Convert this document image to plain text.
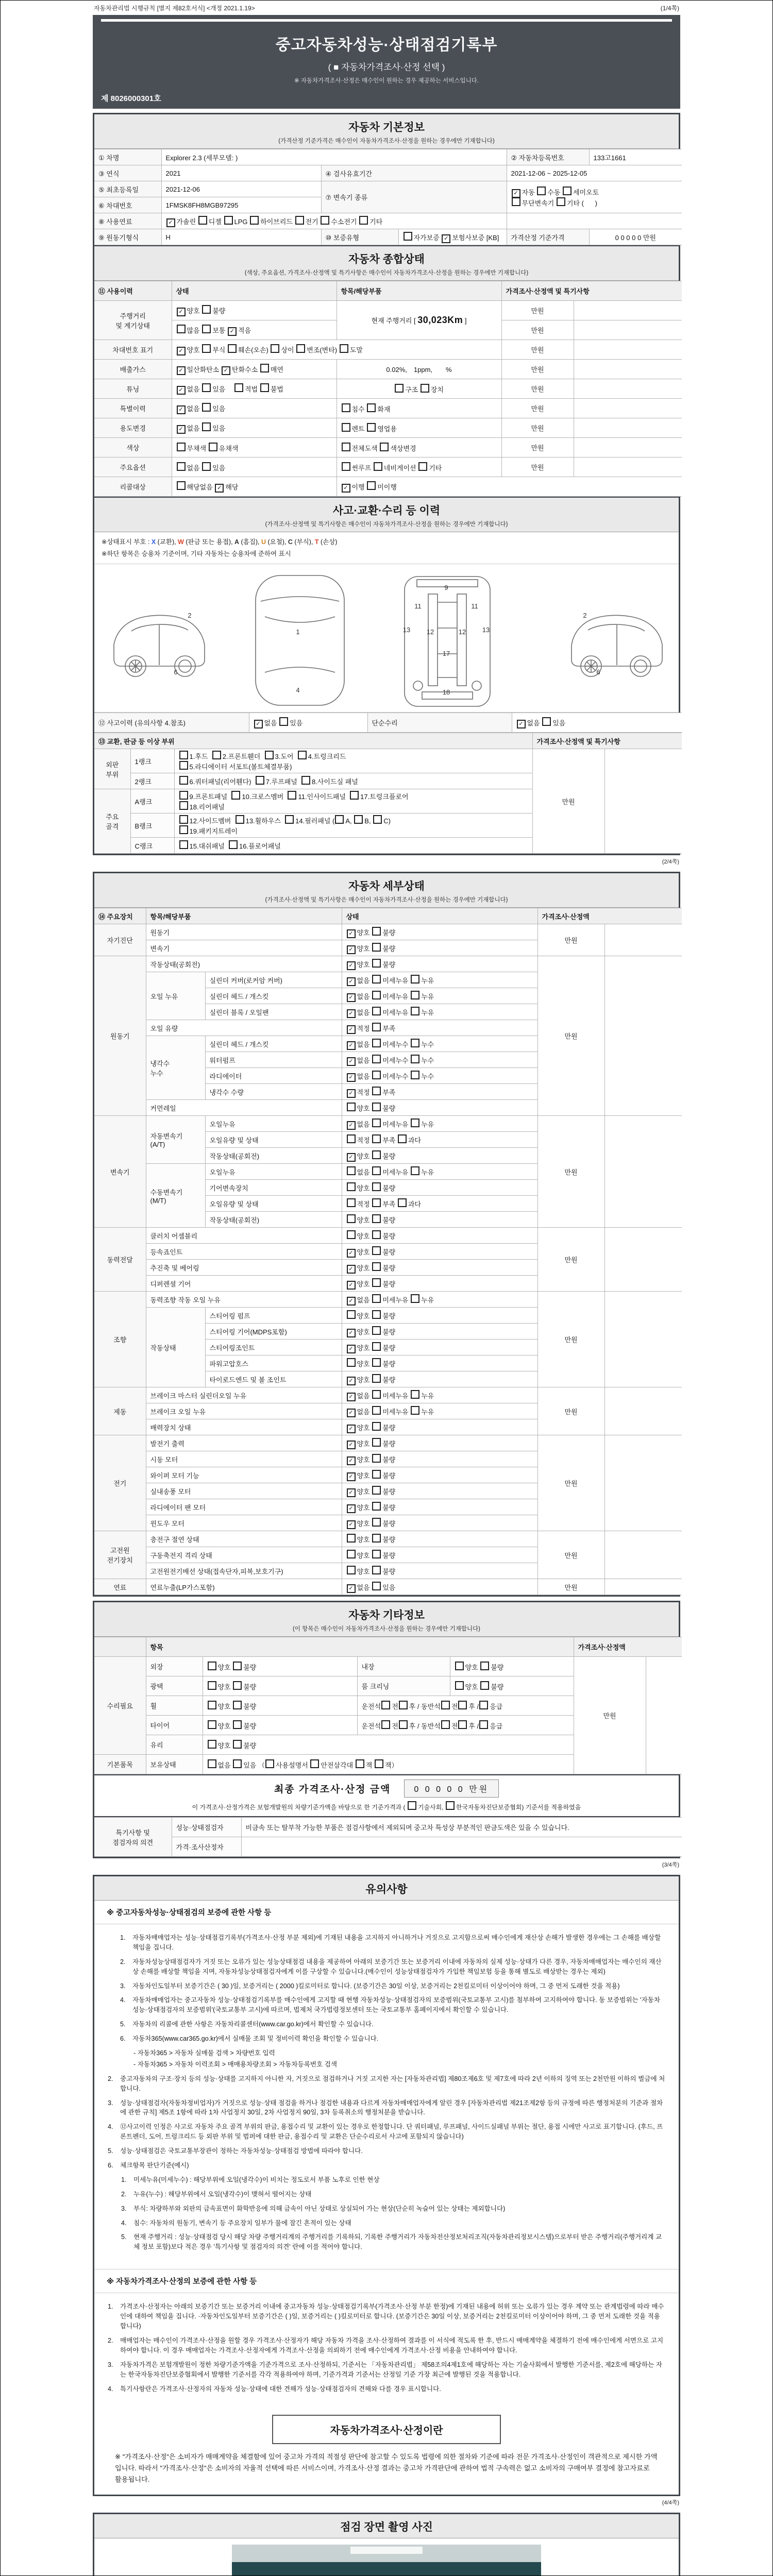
자동차관리법 시행규칙 [별지 제82호서식] <개정 2021.1.19>	(1/4쪽)
중고자동차성능·상태점검기록부
( ■ 자동차가격조사·산정 선택 )
※ 자동차가격조사·산정은 매수인이 원하는 경우 제공하는 서비스입니다.
제 8026000301호
자동차 기본정보
(가격산정 기준가격은 매수인이 자동차가격조사·산정을 원하는 경우에만 기재합니다)
① 차명	Explorer 2.3 (세부모델: )			② 자동차등록번호	133고1661
③ 연식	2021	④ 검사유효기간		2021-12-06 ~ 2025-12-05	
⑤ 최초등록일	2021-12-06	⑦ 변속기 종류		✓ 자동 수동 세미오토
무단변속기 기타 (      )	
⑥ 차대번호	1FMSK8FH8MGB97295				
⑧ 사용연료	✓ 가솔린 디젤 LPG 하이브리드 전기 수소전기 기타				
⑨ 원동기형식	H	⑩ 보증유형	자가보증 ✓ 보험사보증 [KB]	가격산정 기준가격	0 0 0 0 0 만원
자동차 종합상태
(색상, 주요옵션, 가격조사·산정액 및 특기사항은 매수인이 자동차가격조사·산정을 원하는 경우에만 기재합니다)
⑪ 사용이력	상태	항목/해당부품	가격조사·산정액 및 특기사항	
주행거리
및 계기상태	✓ 양호 불량	현재 주행거리 [ 30,023Km ]	만원	
	많음 보통 ✓ 적음		만원	
차대번호 표기	✓ 양호 부식 훼손(오손) 상이 변조(변타) 도말		만원	
배출가스	✓ 일산화탄소 ✓ 탄화수소 매연	0.02%,　1ppm,　　%	만원	
튜닝	✓ 없음 있음　 적법 불법	구조 장치	만원	
특별이력	✓ 없음 있음	침수 화재	만원	
용도변경	✓ 없음 있음	렌트 영업용	만원	
색상	무채색 유채색	전체도색 색상변경	만원	
주요옵션	없음 있음	썬루프 네비게이션 기타	만원	
리콜대상	해당없음 ✓ 해당	✓ 이행 미이행		
사고·교환·수리 등 이력
(가격조사·산정액 및 특기사항은 매수인이 자동차가격조사·산정을 원하는 경우에만 기재합니다)
※상태표시 부호 : X (교환), W (판금 또는 용접), A (흠집), U (요철), C (부식), T (손상)
※하단 항목은 승용차 기준이며, 기타 자동차는 승용차에 준하여 표시
2
6
1
4
9
11	11
13	13
12	12
17
18
2
6
⑫ 사고이력 (유의사항 4.참조)	✓ 없음 있음	단순수리	✓ 없음 있음
⑬ 교환, 판금 등 이상 부위			가격조사·산정액 및 특기사항	
외판
부위	1랭크	1.후드  2.프론트휀더  3.도어  4.트렁크리드
5.라디에이터 서포트(볼트체결부품)	만원	
	2랭크	6.쿼터패널(리어휀다)  7.루프패널  8.사이드실 패널		
주요
골격	A랭크	9.프론트패널  10.크로스멤버  11.인사이드패널  17.트렁크플로어
18.리어패널		
	B랭크	12.사이드멤버  13.휠하우스  14.필러패널 ( A, B, C)
19.패키지트레이		
	C랭크	15.대쉬패널  16.플로어패널		
(2/4쪽)
자동차 세부상태
(가격조사·산정액 및 특기사항은 매수인이 자동차가격조사·산정을 원하는 경우에만 기재합니다)
⑭ 주요장치	항목/해당부품		상태	가격조사·산정액	
자기진단	원동기		✓ 양호 불량	만원	
	변속기		✓ 양호 불량		
원동기	작동상태(공회전)		✓ 양호 불량	만원	
	오일 누유	실린더 커버(로커암 커버)	✓ 없음 미세누유 누유		
		실린더 헤드 / 개스킷	✓ 없음 미세누유 누유		
		실린더 블록 / 오일팬	✓ 없음 미세누유 누유		
	오일 유량		✓ 적정 부족		
	냉각수
누수	실린더 헤드 / 개스킷	✓ 없음 미세누수 누수		
		워터펌프	✓ 없음 미세누수 누수		
		라디에이터	✓ 없음 미세누수 누수		
		냉각수 수량	✓ 적정 부족		
	커먼레일		양호 불량		
변속기	자동변속기
(A/T)	오일누유	✓ 없음 미세누유 누유	만원	
		오일유량 및 상태	적정 부족 과다		
		작동상태(공회전)	✓ 양호 불량		
	수동변속기
(M/T)	오일누유	없음 미세누유 누유		
		기어변속장치	양호 불량		
		오일유량 및 상태	적정 부족 과다		
		작동상태(공회전)	양호 불량		
동력전달	클러치 어셈블리		양호 불량	만원	
	등속죠인트		✓ 양호 불량		
	추진축 및 베어링		✓ 양호 불량		
	디퍼렌셜 기어		✓ 양호 불량		
조향	동력조향 작동 오일 누유		✓ 없음 미세누유 누유	만원	
	작동상태	스티어링 펌프	양호 불량		
		스티어링 기어(MDPS포함)	✓ 양호 불량		
		스티어링조인트	✓ 양호 불량		
		파워고압호스	양호 불량		
		타이로드엔드 및 볼 조인트	✓ 양호 불량		
제동	브레이크 마스터 실린더오일 누유		✓ 없음 미세누유 누유	만원	
	브레이크 오일 누유		✓ 없음 미세누유 누유		
	배력장치 상태		✓ 양호 불량		
전기	발전기 출력		✓ 양호 불량	만원	
	시동 모터		✓ 양호 불량		
	와이퍼 모터 기능		✓ 양호 불량		
	실내송풍 모터		✓ 양호 불량		
	라디에이터 팬 모터		✓ 양호 불량		
	윈도우 모터		✓ 양호 불량		
고전원
전기장치	충전구 절연 상태		양호 불량	만원	
	구동축전지 격리 상태		양호 불량		
	고전원전기배선 상태(접속단자,피복,보호기구)		양호 불량		
연료	연료누출(LP가스포함)		✓ 없음 있음	만원	
자동차 기타정보
(이 항목은 매수인이 자동차가격조사·산정을 원하는 경우에만 기재합니다)
	항목				가격조사·산정액	
수리필요	외장	양호 불량	내장	양호 불량	만원	
	광택	양호 불량	룸 크리닝	양호 불량		
	휠	양호 불량	운전석 전 후 / 동반석 전 후 / 응급			
	타이어	양호 불량	운전석 전 후 / 동반석 전 후 / 응급			
	유리	양호 불량				
기본품목	보유상태	없음 있음 （ 사용설명서 안전삼각대 잭 잭）				
최종 가격조사·산정 금액	0 0 0 0 0 만원
이 가격조사·산정가격은 보험개발원의 차량기준가액을 바탕으로 한 기준가격과 ( 기술사회, 한국자동차진단보증협회) 기준서를 적용하였음
특기사항 및
점검자의 의견	성능·상태점검자	비금속 또는 탈부착 가능한 부품은 점검사항에서 제외되며 중고차 특성상 부분적인 판금도색은 있을 수 있습니다.
	가격·조사산정자	
(3/4쪽)
유의사항
※ 중고자동차성능·상태점검의 보증에 관한 사항 등
1.	자동차매매업자는 성능·상태점검기록부(가격조사·산정 부분 제외)에 기재된 내용을 고지하지 아니하거나 거짓으로 고지함으로써 매수인에게 재산상 손해가 발생한 경우에는 그 손해를 배상할 책임을 집니다.
2.	자동차성능상태점검자가 거짓 또는 오류가 있는 성능상태점검 내용을 제공하여 아래의 보증기간 또는 보증거리 이내에 자동차의 실제 성능·상태가 다른 경우, 자동차매매업자는 매수인의 재산상 손해를 배상할 책임을 지며, 자동차성능상태점검자에게 이를 구상할 수 있습니다.(매수인이 성능상태점검자가 가입한 책임보험 등을 통해 별도로 배상받는 경우는 제외)
3.	자동차인도일부터 보증기간은 ( 30 )일, 보증거리는 ( 2000 )킬로미터로 합니다. (보증기간은 30일 이상, 보증거리는 2천킬로미터 이상이어야 하며, 그 중 먼저 도래한 것을 적용)
4.	자동차매매업자는 중고자동차 성능·상태점검기록부를 매수인에게 고지할 때 현행 자동차성능·상태점검자의 보증범위(국토교통부 고시)를 첨부하여 고지하여야 합니다. 동 보증범위는 '자동차성능·상태점검자의 보증범위'(국토교통부 고시)에 따르며, 법제처 국가법령정보센터 또는 국토교통부 홈페이지에서 확인할 수 있습니다.
5.	자동차의 리콜에 관한 사항은 자동차리콜센터(www.car.go.kr)에서 확인할 수 있습니다.
6.	자동차365(www.car365.go.kr)에서 실매물 조회 및 정비이력 확인을 확인할 수 있습니다.
- 자동차365 > 자동차 실매물 검색 > 차량번호 입력
- 자동차365 > 자동차 이력조회 > 매매용차량조회 > 자동차등록번호 검색
2.	중고자동차의 구조·장치 등의 성능·상태를 고지하지 아니한 자, 거짓으로 점검하거나 거짓 고지한 자는 [자동차관리법] 제80조제6호 및 제7호에 따라 2년 이하의 징역 또는 2천만원 이하의 벌금에 처합니다.
3.	성능·상태점검자(자동차정비업자)가 거짓으로 성능·상태 점검을 하거나 점검한 내용과 다르게 자동차매매업자에게 알린 경우 [자동차관리법 제21조제2항 등의 규정에 따른 행정처분의 기준과 절차에 관한 규칙] 제5조 1항에 따라 1차 사업정지 30일, 2차 사업정지 90일, 3차 등록취소의 행정처분을 받습니다.
4.	⑫사고이력 인정은 사고로 자동차 주요 골격 부위의 판금, 용접수리 및 교환이 있는 경우로 한정합니다. 단 쿼터패널, 루프패널, 사이드실패널 부위는 절단, 용접 시에만 사고로 표기합니다. (후드, 프론트펜더, 도어, 트렁크리드 등 외판 부위 및 범퍼에 대한 판금, 용접수리 및 교환은 단순수리로서 사고에 포함되지 않습니다)
5.	성능·상태점검은 국토교통부장관이 정하는 자동차성능·상태점검 방법에 따라야 합니다.
6.	체크항목 판단기준(예시)
1.	미세누유(미세누수) : 해당부위에 오일(냉각수)이 비치는 정도로서 부품 노후로 인한 현상
2.	누유(누수) : 해당부위에서 오일(냉각수)이 맺혀서 떨어지는 상태
3.	부식: 차량하부와 외판의 금속표면이 화학반응에 의해 금속이 아닌 상태로 상실되어 가는 현상(단순히 녹슬어 있는 상태는 제외합니다)
4.	침수: 자동차의 원동기, 변속기 등 주요장치 일부가 물에 잠긴 흔적이 있는 상태
5.	현재 주행거리 : 성능·상태점검 당시 해당 차량 주행거리계의 주행거리를 기록하되, 기록한 주행거리가 자동차전산정보처리조직(자동차관리정보시스템)으로부터 받은 주행거리(주행거리계 교체 정보 포함)보다 적은 경우 '특기사항 및 점검자의 의견' 란에 이를 적어야 합니다.
※ 자동차가격조사·산정의 보증에 관한 사항 등
1.	가격조사·산정자는 아래의 보증기간 또는 보증거리 이내에 중고자동차 성능·상태점검기록부(가격조사·산정 부분 한정)에 기재된 내용에 허위 또는 오류가 있는 경우 계약 또는 관계법령에 따라 매수인에 대하여 책임을 집니다. ·자동차인도일부터 보증기간은 ( )일, 보증거리는 ( )킬로미터로 합니다. (보증기간은 30일 이상, 보증거리는 2천킬로미터 이상이어야 하며, 그 중 먼저 도래한 것을 적용합니다)
2.	매매업자는 매수인이 가격조사·산정을 원할 경우 가격조사·산정자가 해당 자동차 가격을 조사·산정하여 결과를 이 서식에 적도록 한 후, 반드시 매매계약을 체결하기 전에 매수인에게 서면으로 고지하여야 합니다. 이 경우 매매업자는 가격조사·산정자에게 가격조사·산정을 의뢰하기 전에 매수인에게 가격조사·산정 비용을 안내하여야 합니다.
3.	자동차가격은 보험개발원이 정한 차량기준가액을 기준가격으로 조사·산정하되, 기준서는 「자동차관리법」 제58조의4제1호에 해당하는 자는 기술사회에서 발행한 기준서를, 제2호에 해당하는 자는 한국자동차진단보증협회에서 발행한 기준서를 각각 적용하여야 하며, 기준가격과 기준서는 산정일 기준 가장 최근에 발행된 것을 적용합니다.
4.	특기사항란은 가격조사·산정자의 자동차 성능·상태에 대한 견해가 성능·상태점검자의 견해와 다를 경우 표시합니다.
자동차가격조사·산정이란
※ "가격조사·산정"은 소비자가 매매계약을 체결함에 있어 중고차 가격의 적절성 판단에 참고할 수 있도록 법령에 의한 절차와 기준에 따라 전문 가격조사·산정인이 객관적으로 제시한 가액입니다. 따라서 "가격조사·산정"은 소비자의 자율적 선택에 따른 서비스이며, 가격조사·산정 결과는 중고차 가격판단에 관하여 법적 구속력은 없고 소비자의 구매여부 결정에 참고자료로 활용됩니다.
(4/4쪽)
점검 장면 촬영 사진
